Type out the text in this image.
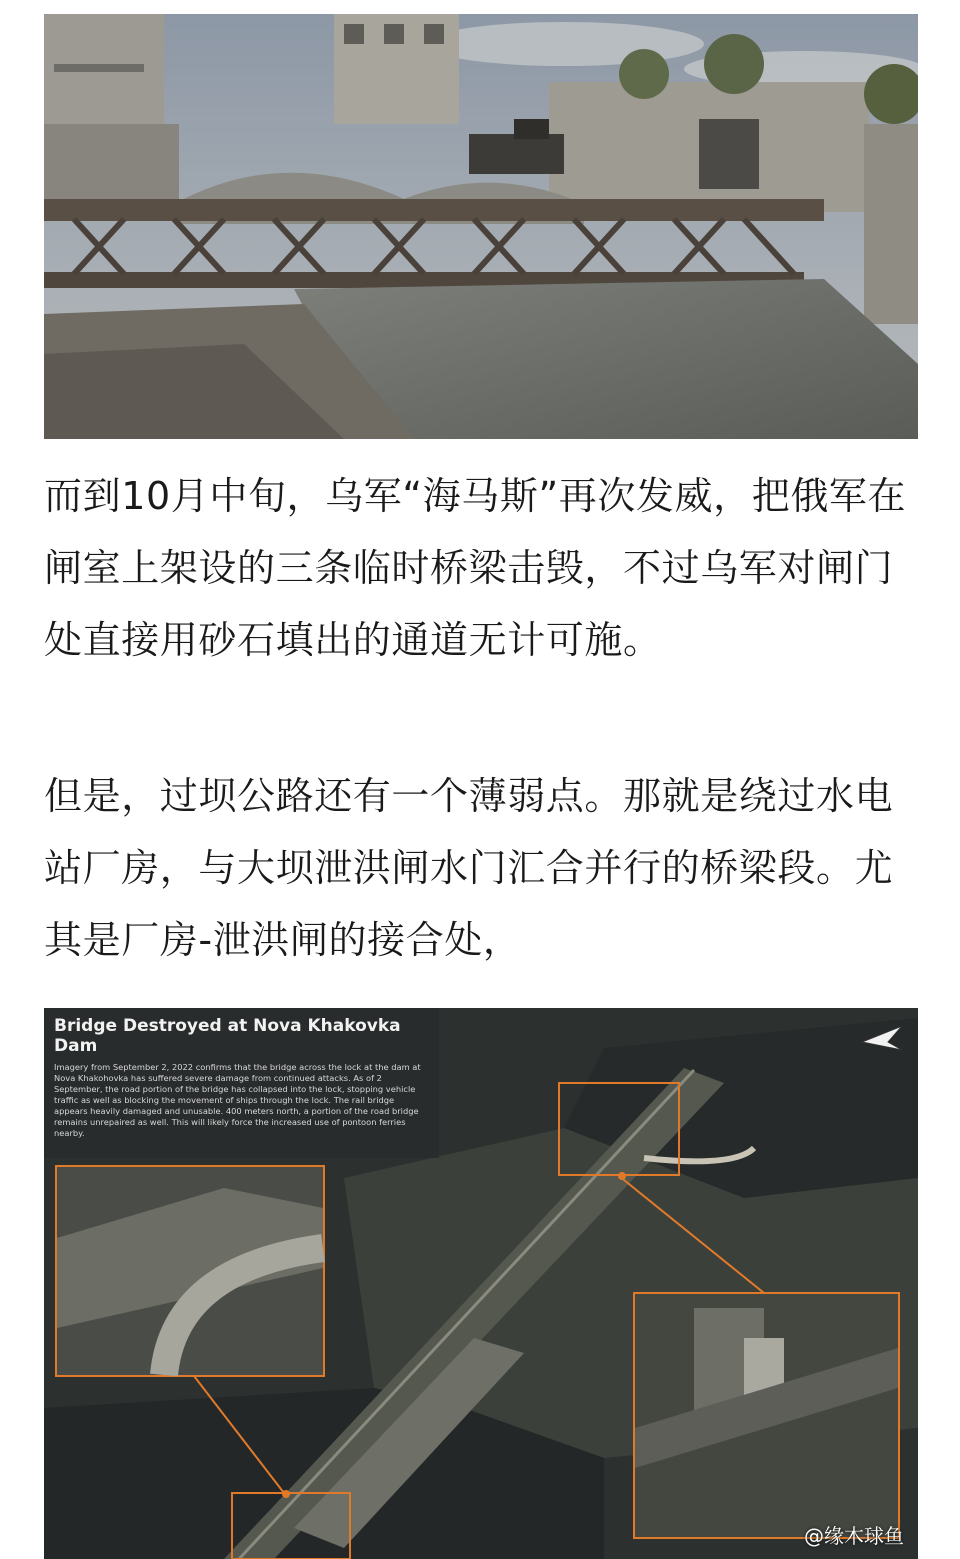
而到10月中旬，乌军“海马斯”再次发威，把俄军在闸室上架设的三条临时桥梁击毁，不过乌军对闸门处直接用砂石填出的通道无计可施。

但是，过坝公路还有一个薄弱点。那就是绕过水电站厂房，与大坝泄洪闸水门汇合并行的桥梁段。尤其是厂房-泄洪闸的接合处，

Bridge Destroyed at Nova Khakovka Dam

Imagery from September 2, 2022 confirms that the bridge across the lock at the dam at Nova Khakohovka has suffered severe damage from continued attacks. As of 2 September, the road portion of the bridge has collapsed into the lock, stopping vehicle traffic as well as blocking the movement of ships through the lock. The rail bridge appears heavily damaged and unusable. 400 meters north, a portion of the road bridge remains unrepaired as well. This will likely force the increased use of pontoon ferries nearby.

@缘木球鱼
